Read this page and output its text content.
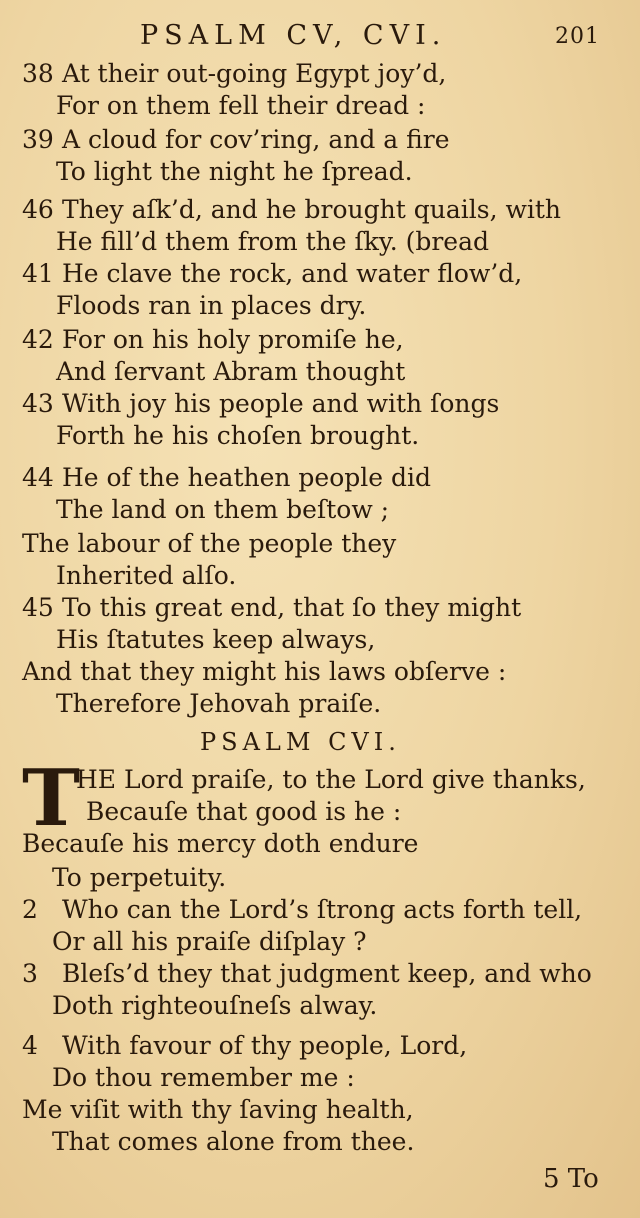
PSALM CV, CVI.	201
38 At their out-going Egypt joy’d,
For on them fell their dread :
39 A cloud for cov’ring, and a fire
To light the night he ſpread.
46 They aſk’d, and he brought quails, with
He fill’d them from the ſky. (bread
41 He clave the rock, and water flow’d,
Floods ran in places dry.
42 For on his holy promiſe he,
And ſervant Abram thought
43 With joy his people and with ſongs
Forth he his choſen brought.
44 He of the heathen people did
The land on them beſtow ;
The labour of the people they
Inherited alſo.
45 To this great end, that ſo they might
His ſtatutes keep always,
And that they might his laws obſerve :
Therefore Jehovah praiſe.
PSALM CVI.
T
HE Lord praiſe, to the Lord give thanks,
Becauſe that good is he :
Becauſe his mercy doth endure
To perpetuity.
2 Who can the Lord’s ſtrong acts forth tell,
Or all his praiſe diſplay ?
3 Bleſs’d they that judgment keep, and who
Doth righteouſneſs alway.
4 With favour of thy people, Lord,
Do thou remember me :
Me viſit with thy ſaving health,
That comes alone from thee.
5 To
